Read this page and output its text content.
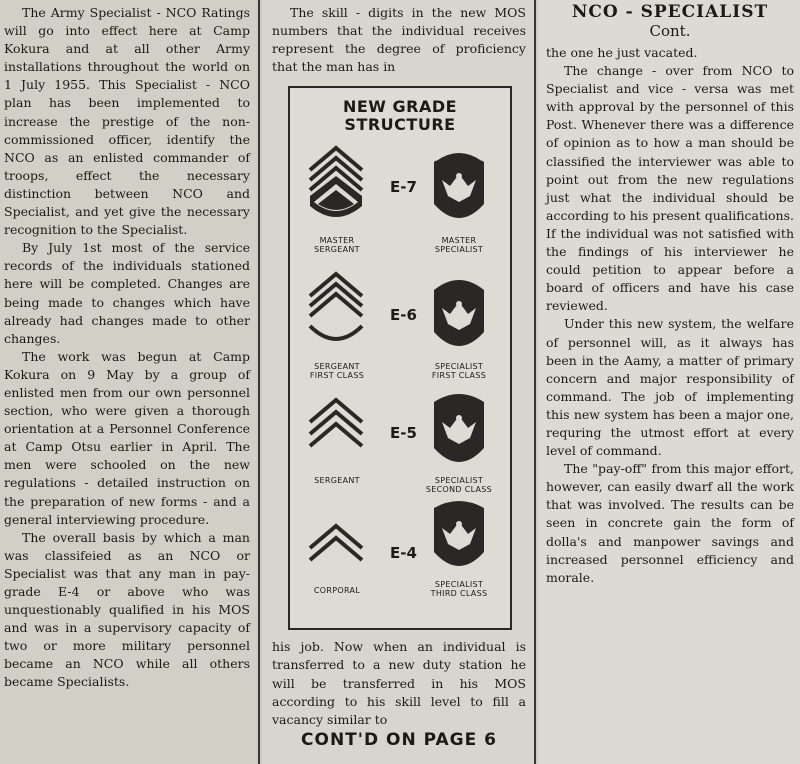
The Army Specialist - NCO Ratings will go into effect here at Camp Kokura and at all other Army installations throughout the world on 1 July 1955. This Specialist - NCO plan has been implemented to increase the prestige of the non-commissioned officer, identify the NCO as an enlisted commander of troops, effect the necessary distinction between NCO and Specialist, and yet give the necessary recognition to the Specialist.

By July 1st most of the service records of the individuals stationed here will be completed. Changes are being made to changes which have already had changes made to other changes.

The work was begun at Camp Kokura on 9 May by a group of enlisted men from our own personnel section, who were given a thorough orientation at a Personnel Conference at Camp Otsu earlier in April. The men were schooled on the new regulations - detailed instruction on the preparation of new forms - and a general interviewing procedure.

The overall basis by which a man was classifeied as an NCO or Specialist was that any man in pay-grade E-4 or above who was unquestionably qualified in his MOS and was in a supervisory capacity of two or more military personnel became an NCO while all others became Specialists.

The skill - digits in the new MOS numbers that the individual receives represent the degree of proficiency that the man has in

NEW GRADE
STRUCTURE
E-7
MASTER
SERGEANT
MASTER
SPECIALIST
E-6
SERGEANT
FIRST CLASS
SPECIALIST
FIRST CLASS
E-5
SERGEANT	SPECIALIST
SECOND CLASS
E-4
CORPORAL
SPECIALIST
THIRD CLASS

his job. Now when an individual is transferred to a new duty station he will be transferred in his MOS according to his skill level to fill a vacancy similar to

CONT'D ON PAGE 6
NCO - SPECIALIST
Cont.

the one he just vacated.

The change - over from NCO to Specialist and vice - versa was met with approval by the personnel of this Post. Whenever there was a difference of opinion as to how a man should be classified the interviewer was able to point out from the new regulations just what the individual should be according to his present qualifications. If the individual was not satisfied with the findings of his interviewer he could petition to appear before a board of officers and have his case reviewed.

Under this new system, the welfare of personnel will, as it always has been in the Aamy, a matter of primary concern and major responsibility of command. The job of implementing this new system has been a major one, requring the utmost effort at every level of command.

The "pay-off" from this major effort, however, can easily dwarf all the work that was involved. The results can be seen in concrete gain the form of dolla's and manpower savings and increased personnel efficiency and morale.
